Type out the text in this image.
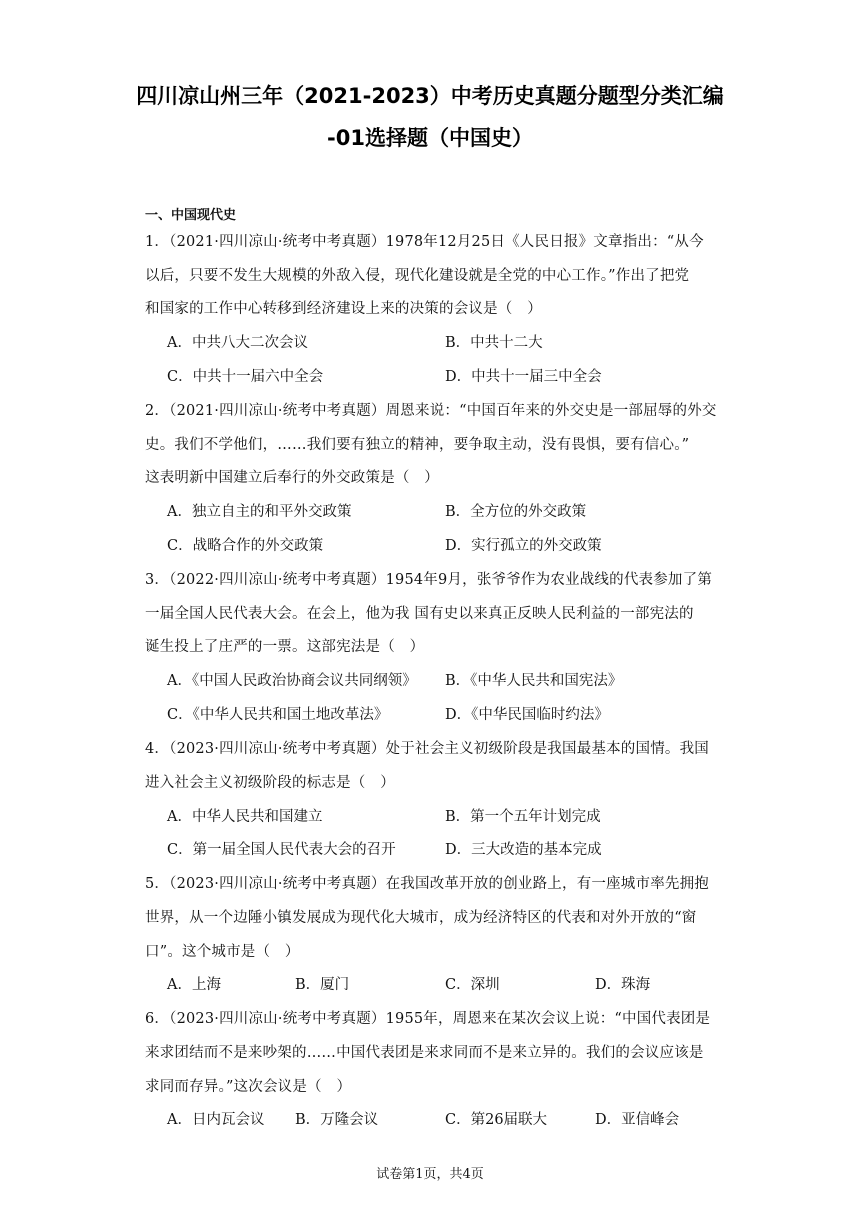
四川凉山州三年（2021-2023）中考历史真题分题型分类汇编
-01选择题（中国史）
一、中国现代史
1．（2021·四川凉山·统考中考真题）1978年12月25日《人民日报》文章指出：“从今
以后，只要不发生大规模的外敌入侵，现代化建设就是全党的中心工作。”作出了把党
和国家的工作中心转移到经济建设上来的决策的会议是（　）
A．中共八大二次会议	B．中共十二大
C．中共十一届六中全会	D．中共十一届三中全会
2．（2021·四川凉山·统考中考真题）周恩来说：“中国百年来的外交史是一部屈辱的外交
史。我们不学他们，……我们要有独立的精神，要争取主动，没有畏惧，要有信心。”
这表明新中国建立后奉行的外交政策是（　）
A．独立自主的和平外交政策	B．全方位的外交政策
C．战略合作的外交政策	D．实行孤立的外交政策
3．（2022·四川凉山·统考中考真题）1954年9月，张爷爷作为农业战线的代表参加了第
一届全国人民代表大会。在会上，他为我 国有史以来真正反映人民利益的一部宪法的
诞生投上了庄严的一票。这部宪法是（　）
A．《中国人民政治协商会议共同纲领》 B．《中华人民共和国宪法》
C．《中华人民共和国土地改革法》	D．《中华民国临时约法》
4．（2023·四川凉山·统考中考真题）处于社会主义初级阶段是我国最基本的国情。我国
进入社会主义初级阶段的标志是（　）
A．中华人民共和国建立	B．第一个五年计划完成
C．第一届全国人民代表大会的召开	D．三大改造的基本完成
5．（2023·四川凉山·统考中考真题）在我国改革开放的创业路上，有一座城市率先拥抱
世界，从一个边陲小镇发展成为现代化大城市，成为经济特区的代表和对外开放的“窗
口”。这个城市是（　）
A．上海	B．厦门	C．深圳	D．珠海
6．（2023·四川凉山·统考中考真题）1955年，周恩来在某次会议上说：“中国代表团是
来求团结而不是来吵架的……中国代表团是来求同而不是来立异的。我们的会议应该是
求同而存异。”这次会议是（　）
A．日内瓦会议 B．万隆会议	C．第26届联大	D．亚信峰会
试卷第1页，共4页
